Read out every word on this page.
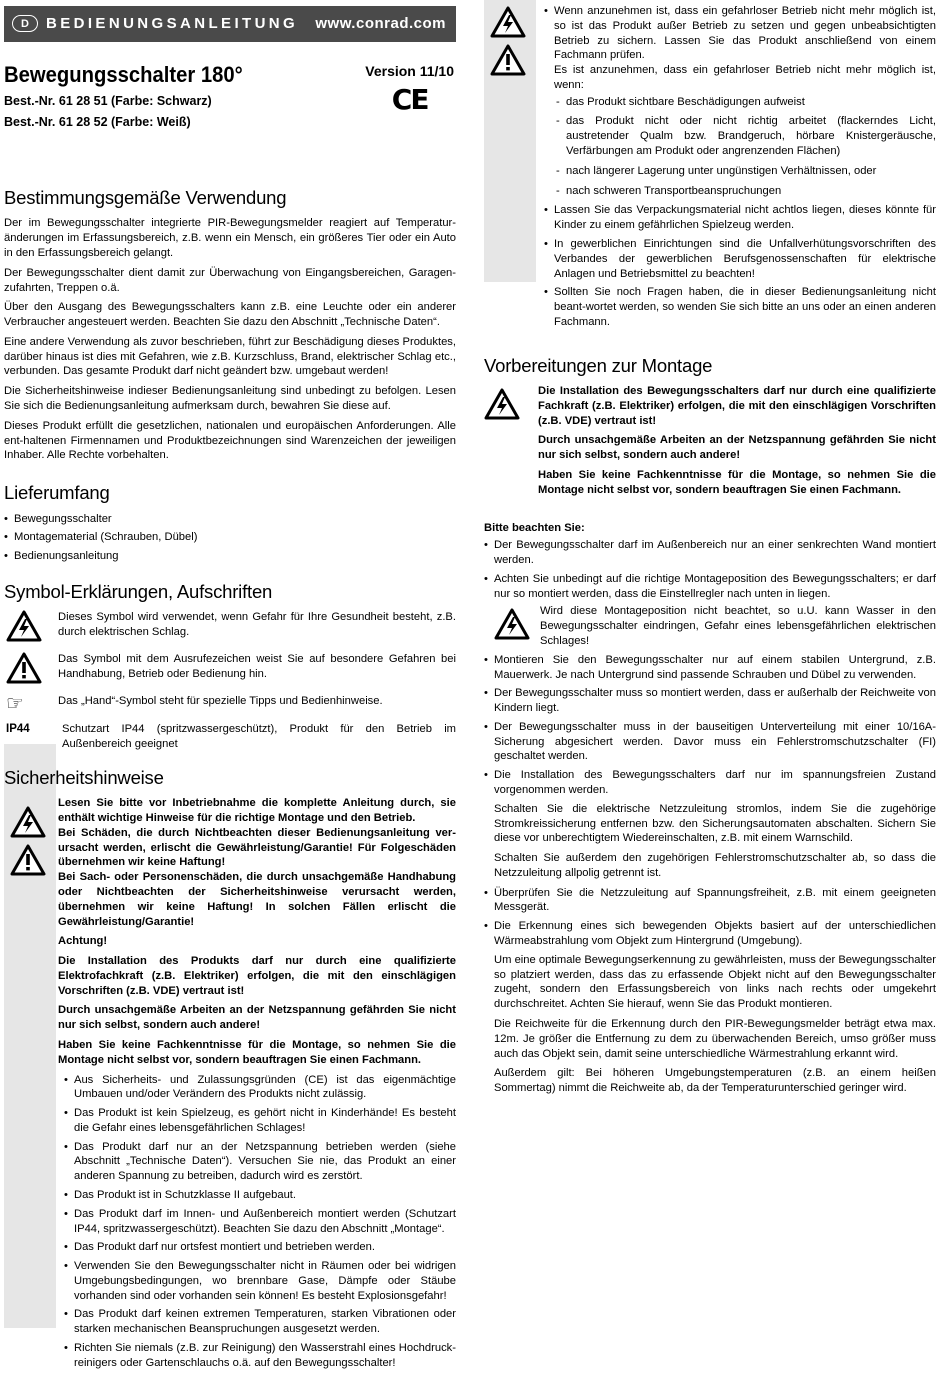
D	BEDIENUNGSANLEITUNG www.conrad.com
Bewegungsschalter 180°
Best.-Nr. 61 28 51 (Farbe: Schwarz)
Best.-Nr. 61 28 52 (Farbe: Weiß)
Version 11/10
CE
Bestimmungsgemäße Verwendung

Der im Bewegungsschalter integrierte PIR-Bewegungsmelder reagiert auf Temperatur-änderungen im Erfassungsbereich, z.B. wenn ein Mensch, ein größeres Tier oder ein Auto in den Erfassungsbereich gelangt.

Der Bewegungsschalter dient damit zur Überwachung von Eingangsbereichen, Garagen-zufahrten, Treppen o.ä.

Über den Ausgang des Bewegungsschalters kann z.B. eine Leuchte oder ein anderer Verbraucher angesteuert werden. Beachten Sie dazu den Abschnitt „Technische Daten“.

Eine andere Verwendung als zuvor beschrieben, führt zur Beschädigung dieses Produktes, darüber hinaus ist dies mit Gefahren, wie z.B. Kurzschluss, Brand, elektrischer Schlag etc., verbunden. Das gesamte Produkt darf nicht geändert bzw. umgebaut werden!

Die Sicherheitshinweise indieser Bedienungsanleitung sind unbedingt zu befolgen. Lesen Sie sich die Bedienungsanleitung aufmerksam durch, bewahren Sie diese auf.

Dieses Produkt erfüllt die gesetzlichen, nationalen und europäischen Anforderungen. Alle ent-haltenen Firmennamen und Produktbezeichnungen sind Warenzeichen der jeweiligen Inhaber. Alle Rechte vorbehalten.

Lieferumfang
• Bewegungsschalter
• Montagematerial (Schrauben, Dübel)
• Bedienungsanleitung
Symbol-Erklärungen, Aufschriften
Dieses Symbol wird verwendet, wenn Gefahr für Ihre Gesundheit besteht, z.B. durch elektrischen Schlag.
Das Symbol mit dem Ausrufezeichen weist Sie auf besondere Gefahren bei Handhabung, Betrieb oder Bedienung hin.
☞	Das „Hand“-Symbol steht für spezielle Tipps und Bedienhinweise.
IP44	Schutzart IP44 (spritzwassergeschützt), Produkt für den Betrieb im Außenbereich geeignet
Sicherheitshinweise
Lesen Sie bitte vor Inbetriebnahme die komplette Anleitung durch, sie enthält wichtige Hinweise für die richtige Montage und den Betrieb.
Bei Schäden, die durch Nichtbeachten dieser Bedienungsanleitung ver-ursacht werden, erlischt die Gewährleistung/Garantie! Für Folgeschäden übernehmen wir keine Haftung!
Bei Sach- oder Personenschäden, die durch unsachgemäße Handhabung oder Nichtbeachten der Sicherheitshinweise verursacht werden, übernehmen wir keine Haftung! In solchen Fällen erlischt die Gewährleistung/Garantie!
Achtung!

Die Installation des Produkts darf nur durch eine qualifizierte Elektrofachkraft (z.B. Elektriker) erfolgen, die mit den einschlägigen Vorschriften (z.B. VDE) vertraut ist!

Durch unsachgemäße Arbeiten an der Netzspannung gefährden Sie nicht nur sich selbst, sondern auch andere!

Haben Sie keine Fachkenntnisse für die Montage, so nehmen Sie die Montage nicht selbst vor, sondern beauftragen Sie einen Fachmann.

• Aus Sicherheits- und Zulassungsgründen (CE) ist das eigenmächtige Umbauen und/oder Verändern des Produkts nicht zulässig.
• Das Produkt ist kein Spielzeug, es gehört nicht in Kinderhände! Es besteht die Gefahr eines lebensgefährlichen Schlages!
• Das Produkt darf nur an der Netzspannung betrieben werden (siehe Abschnitt „Technische Daten“). Versuchen Sie nie, das Produkt an einer anderen Spannung zu betreiben, dadurch wird es zerstört.
• Das Produkt ist in Schutzklasse II aufgebaut.
• Das Produkt darf im Innen- und Außenbereich montiert werden (Schutzart IP44, spritzwassergeschützt). Beachten Sie dazu den Abschnitt „Montage“.
• Das Produkt darf nur ortsfest montiert und betrieben werden.
• Verwenden Sie den Bewegungsschalter nicht in Räumen oder bei widrigen Umgebungsbedingungen, wo brennbare Gase, Dämpfe oder Stäube vorhanden sind oder vorhanden sein können! Es besteht Explosionsgefahr!
• Das Produkt darf keinen extremen Temperaturen, starken Vibrationen oder starken mechanischen Beanspruchungen ausgesetzt werden.
• Richten Sie niemals (z.B. zur Reinigung) den Wasserstrahl eines Hochdruck-reinigers oder Gartenschlauchs o.ä. auf den Bewegungsschalter!
• Wenn anzunehmen ist, dass ein gefahrloser Betrieb nicht mehr möglich ist, so ist das Produkt außer Betrieb zu setzen und gegen unbeabsichtigten Betrieb zu sichern. Lassen Sie das Produkt anschließend von einem Fachmann prüfen.
Es ist anzunehmen, dass ein gefahrloser Betrieb nicht mehr möglich ist, wenn:
- das Produkt sichtbare Beschädigungen aufweist
- das Produkt nicht oder nicht richtig arbeitet (flackerndes Licht, austretender Qualm bzw. Brandgeruch, hörbare Knistergeräusche, Verfärbungen am Produkt oder angrenzenden Flächen)
- nach längerer Lagerung unter ungünstigen Verhältnissen, oder
- nach schweren Transportbeanspruchungen
• Lassen Sie das Verpackungsmaterial nicht achtlos liegen, dieses könnte für Kinder zu einem gefährlichen Spielzeug werden.
• In gewerblichen Einrichtungen sind die Unfallverhütungsvorschriften des Verbandes der gewerblichen Berufsgenossenschaften für elektrische Anlagen und Betriebsmittel zu beachten!
• Sollten Sie noch Fragen haben, die in dieser Bedienungsanleitung nicht beant-wortet werden, so wenden Sie sich bitte an uns oder an einen anderen Fachmann.
Vorbereitungen zur Montage

Die Installation des Bewegungsschalters darf nur durch eine qualifizierte Fachkraft (z.B. Elektriker) erfolgen, die mit den einschlägigen Vorschriften (z.B. VDE) vertraut ist!

Durch unsachgemäße Arbeiten an der Netzspannung gefährden Sie nicht nur sich selbst, sondern auch andere!

Haben Sie keine Fachkenntnisse für die Montage, so nehmen Sie die Montage nicht selbst vor, sondern beauftragen Sie einen Fachmann.

Bitte beachten Sie:
• Der Bewegungsschalter darf im Außenbereich nur an einer senkrechten Wand montiert werden.
• Achten Sie unbedingt auf die richtige Montageposition des Bewegungsschalters; er darf nur so montiert werden, dass die Einstellregler nach unten in liegen.
Wird diese Montageposition nicht beachtet, so u.U. kann Wasser in den Bewegungsschalter eindringen, Gefahr eines lebensgefährlichen elektrischen Schlages!
• Montieren Sie den Bewegungsschalter nur auf einem stabilen Untergrund, z.B. Mauerwerk. Je nach Untergrund sind passende Schrauben und Dübel zu verwenden.
• Der Bewegungsschalter muss so montiert werden, dass er außerhalb der Reichweite von Kindern liegt.
• Der Bewegungsschalter muss in der bauseitigen Unterverteilung mit einer 10/16A-Sicherung abgesichert werden. Davor muss ein Fehlerstromschutzschalter (FI) geschaltet werden.
• Die Installation des Bewegungsschalters darf nur im spannungsfreien Zustand vorgenommen werden.

Schalten Sie die elektrische Netzzuleitung stromlos, indem Sie die zugehörige Stromkreissicherung entfernen bzw. den Sicherungsautomaten abschalten. Sichern Sie diese vor unberechtigtem Wiedereinschalten, z.B. mit einem Warnschild.

Schalten Sie außerdem den zugehörigen Fehlerstromschutzschalter ab, so dass die Netzzuleitung allpolig getrennt ist.

• Überprüfen Sie die Netzzuleitung auf Spannungsfreiheit, z.B. mit einem geeigneten Messgerät.
• Die Erkennung eines sich bewegenden Objekts basiert auf der unterschiedlichen Wärmeabstrahlung vom Objekt zum Hintergrund (Umgebung).

Um eine optimale Bewegungserkennung zu gewährleisten, muss der Bewegungsschalter so platziert werden, dass das zu erfassende Objekt nicht auf den Bewegungsschalter zugeht, sondern den Erfassungsbereich von links nach rechts oder umgekehrt durchschreitet. Achten Sie hierauf, wenn Sie das Produkt montieren.

Die Reichweite für die Erkennung durch den PIR-Bewegungsmelder beträgt etwa max. 12m. Je größer die Entfernung zu dem zu überwachenden Bereich, umso größer muss auch das Objekt sein, damit seine unterschiedliche Wärmestrahlung erkannt wird.

Außerdem gilt: Bei höheren Umgebungstemperaturen (z.B. an einem heißen Sommertag) nimmt die Reichweite ab, da der Temperaturunterschied geringer wird.
